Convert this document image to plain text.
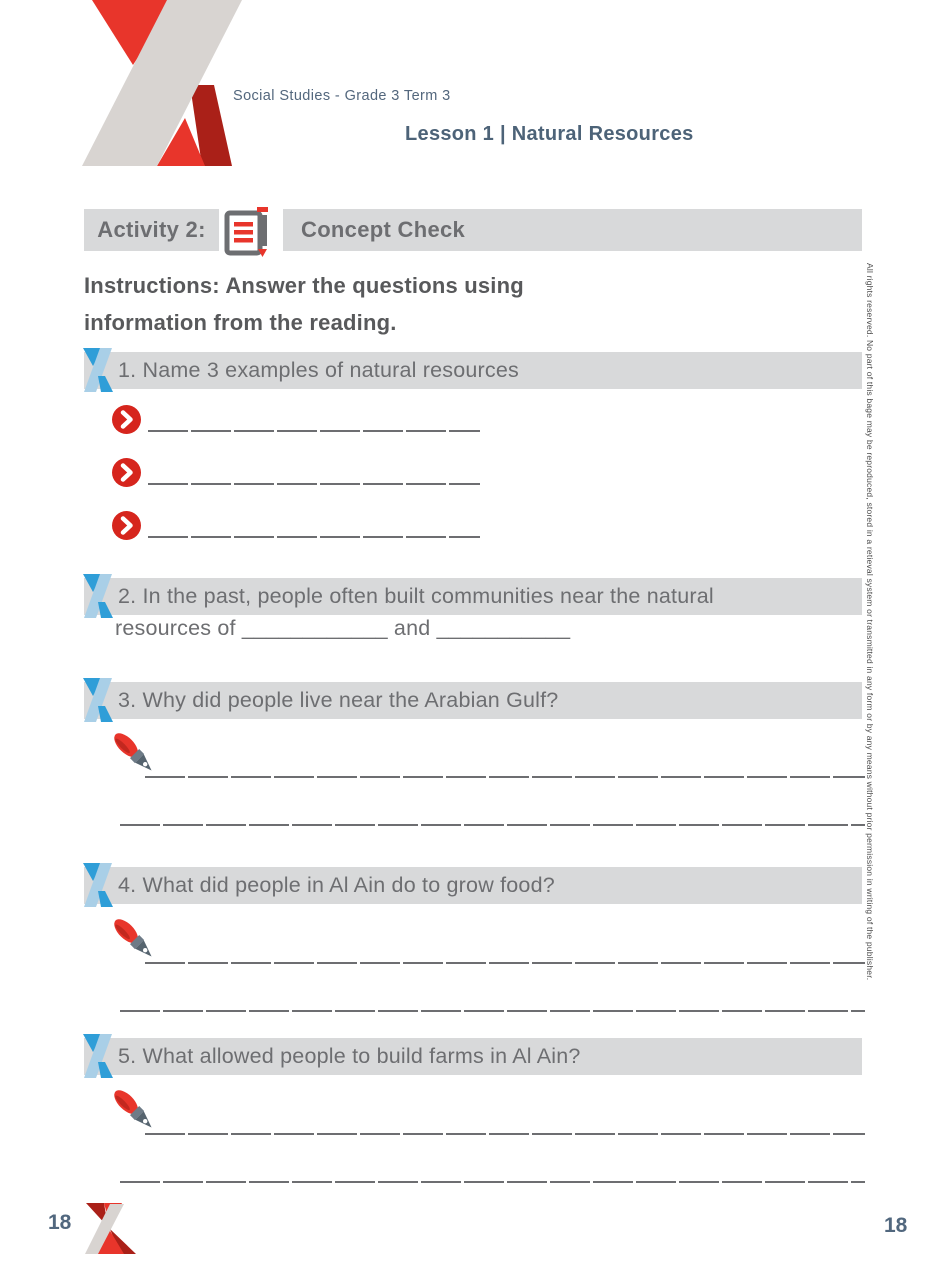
Social Studies - Grade 3 Term 3
Lesson 1 | Natural Resources
Activity 2:	Concept Check
Instructions: Answer the questions using
information from the reading.
1. Name 3 examples of natural resources
2. In the past, people often built communities near the natural
resources of ____________ and ___________
3. Why did people live near the Arabian Gulf?
4. What did people in Al Ain do to grow food?
5. What allowed people to build farms in Al Ain?
All rights reserved. No part of this bage may be reproduced, stored in a retieval system or transmitted in any form or by any means without prior permission in writing of the publisher.
18	18
